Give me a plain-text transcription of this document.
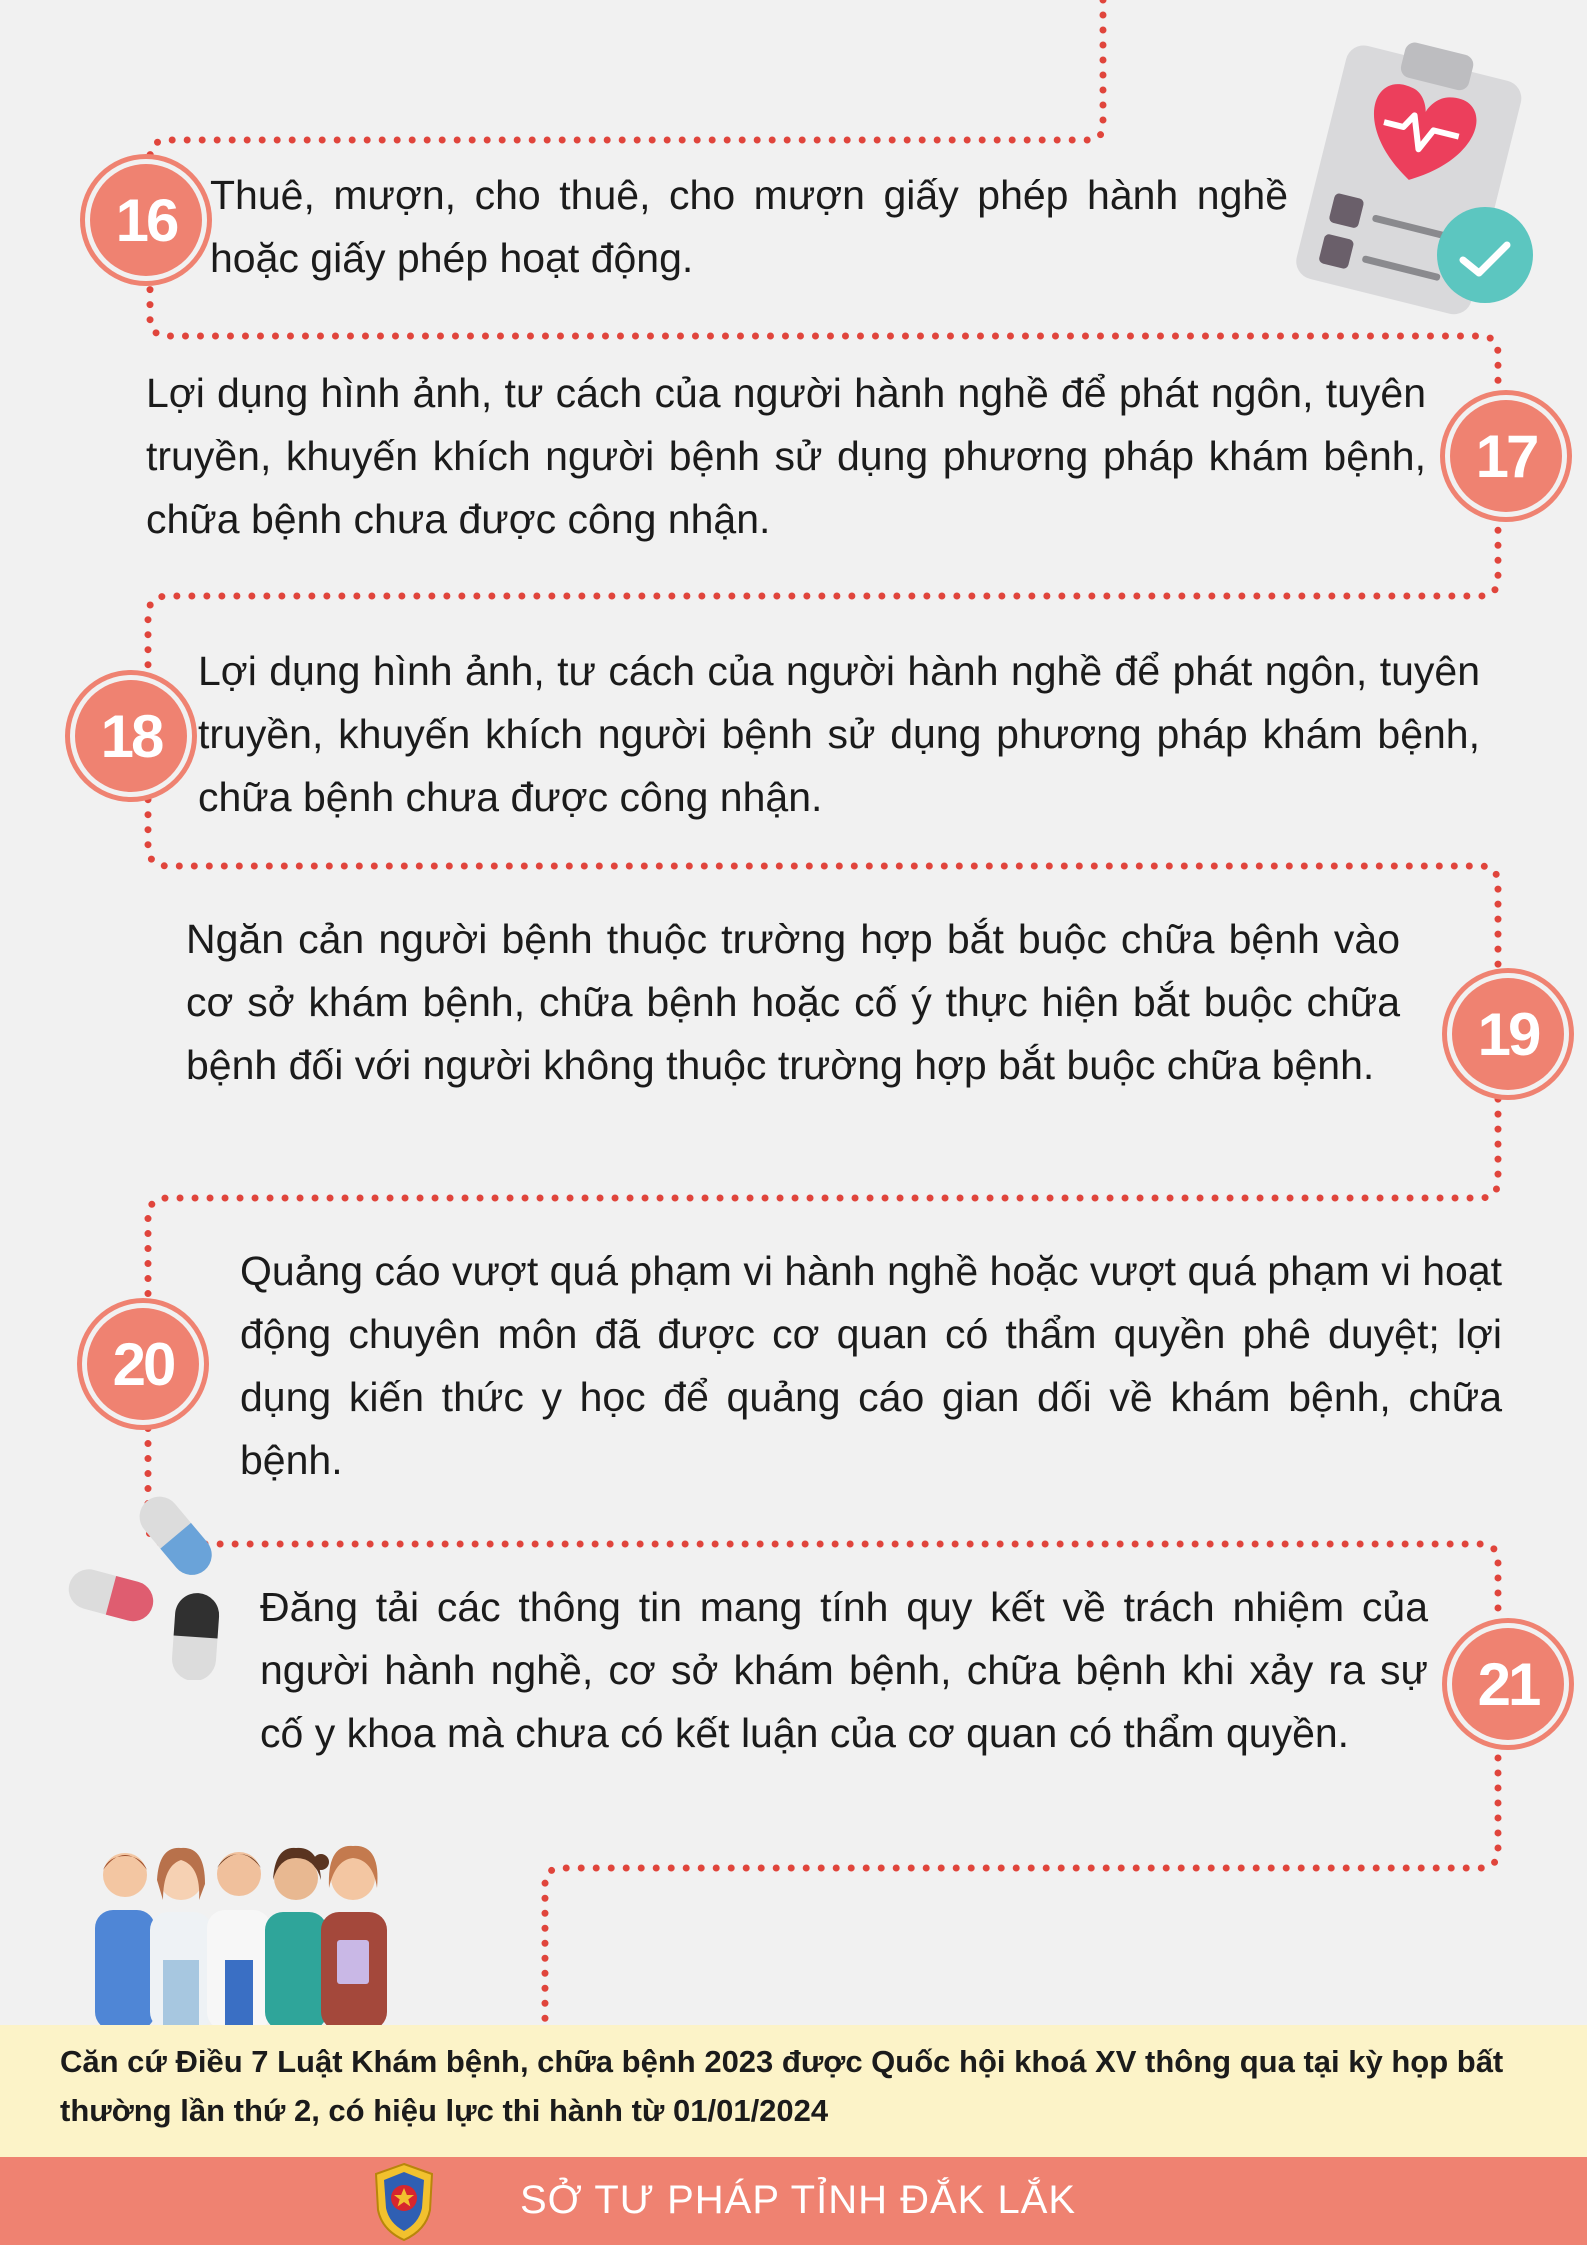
16 Thuê, mượn, cho thuê, cho mượn giấy phép hành nghề hoặc giấy phép hoạt động.

Lợi dụng hình ảnh, tư cách của người hành nghề để phát ngôn, tuyên truyền, khuyến khích người bệnh sử dụng phương pháp khám bệnh, chữa bệnh chưa được công nhận.

17
18

Lợi dụng hình ảnh, tư cách của người hành nghề để phát ngôn, tuyên truyền, khuyến khích người bệnh sử dụng phương pháp khám bệnh, chữa bệnh chưa được công nhận.

Ngăn cản người bệnh thuộc trường hợp bắt buộc chữa bệnh vào cơ sở khám bệnh, chữa bệnh hoặc cố ý thực hiện bắt buộc chữa bệnh đối với người không thuộc trường hợp bắt buộc chữa bệnh.	19
20

Quảng cáo vượt quá phạm vi hành nghề hoặc vượt quá phạm vi hoạt động chuyên môn đã được cơ quan có thẩm quyền phê duyệt; lợi dụng kiến thức y học để quảng cáo gian dối về khám bệnh, chữa bệnh.

Đăng tải các thông tin mang tính quy kết về trách nhiệm của người hành nghề, cơ sở khám bệnh, chữa bệnh khi xảy ra sự cố y khoa mà chưa có kết luận của cơ quan có thẩm quyền.

21

Căn cứ Điều 7 Luật Khám bệnh, chữa bệnh 2023 được Quốc hội khoá XV thông qua tại kỳ họp bất thường lần thứ 2, có hiệu lực thi hành từ 01/01/2024

SỞ TƯ PHÁP TỈNH ĐẮK LẮK
